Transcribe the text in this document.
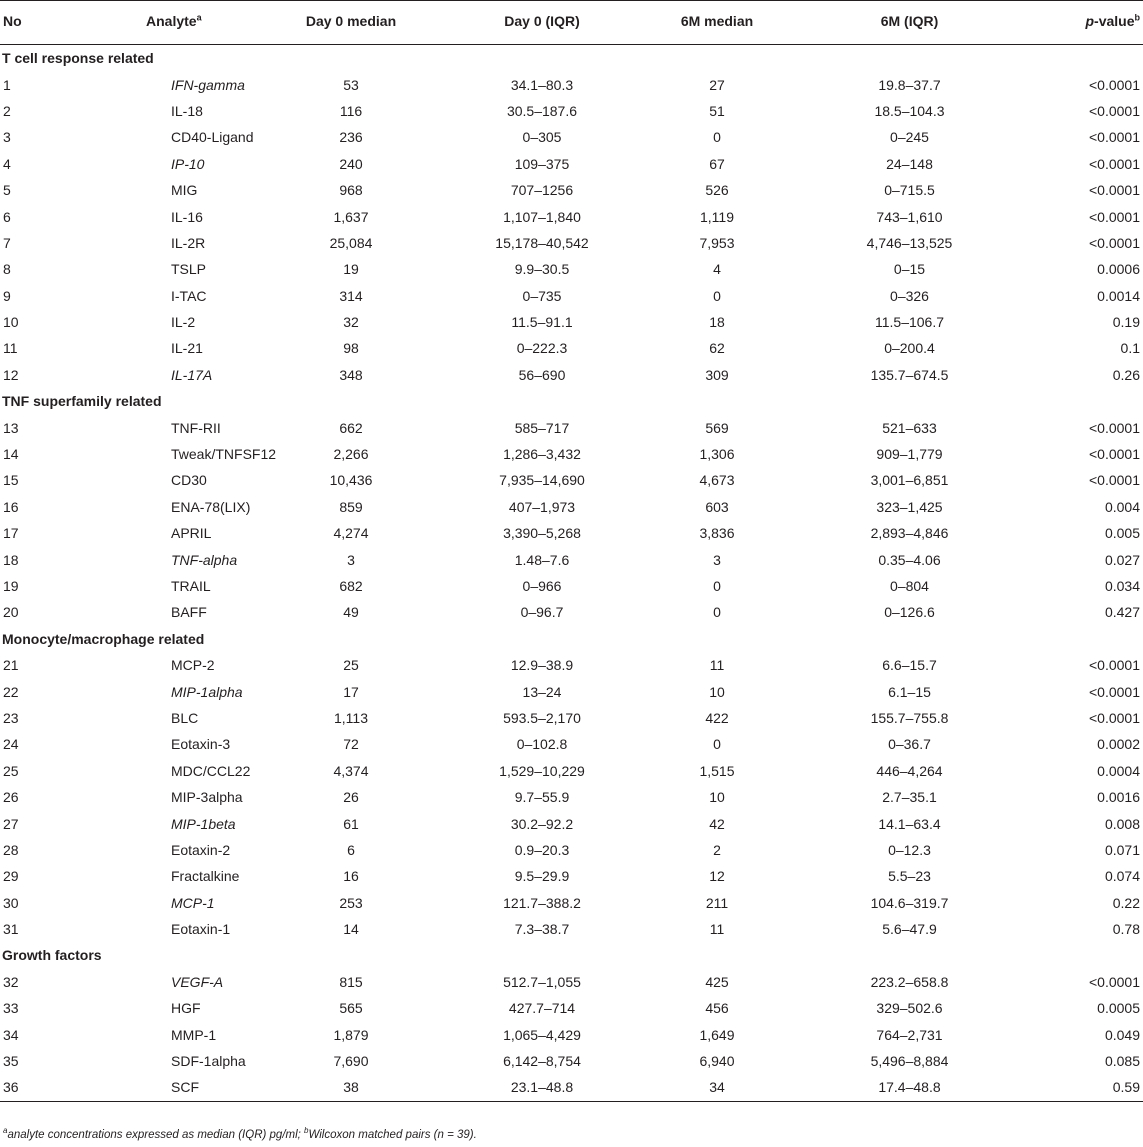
No	Analyte$^a$	Day 0 median	Day 0 (IQR)	6M median	6M (IQR)	p-value$^b$
T cell response related						
1	IFN-gamma	53	34.1–80.3	27	19.8–37.7	<0.0001
2	IL-18	116	30.5–187.6	51	18.5–104.3	<0.0001
3	CD40-Ligand	236	0–305	0	0–245	<0.0001
4	IP-10	240	109–375	67	24–148	<0.0001
5	MIG	968	707–1256	526	0–715.5	<0.0001
6	IL-16	1,637	1,107–1,840	1,119	743–1,610	<0.0001
7	IL-2R	25,084	15,178–40,542	7,953	4,746–13,525	<0.0001
8	TSLP	19	9.9–30.5	4	0–15	0.0006
9	I-TAC	314	0–735	0	0–326	0.0014
10	IL-2	32	11.5–91.1	18	11.5–106.7	0.19
11	IL-21	98	0–222.3	62	0–200.4	0.1
12	IL-17A	348	56–690	309	135.7–674.5	0.26
TNF superfamily related						
13	TNF-RII	662	585–717	569	521–633	<0.0001
14	Tweak/TNFSF12	2,266	1,286–3,432	1,306	909–1,779	<0.0001
15	CD30	10,436	7,935–14,690	4,673	3,001–6,851	<0.0001
16	ENA-78(LIX)	859	407–1,973	603	323–1,425	0.004
17	APRIL	4,274	3,390–5,268	3,836	2,893–4,846	0.005
18	TNF-alpha	3	1.48–7.6	3	0.35–4.06	0.027
19	TRAIL	682	0–966	0	0–804	0.034
20	BAFF	49	0–96.7	0	0–126.6	0.427
Monocyte/macrophage related						
21	MCP-2	25	12.9–38.9	11	6.6–15.7	<0.0001
22	MIP-1alpha	17	13–24	10	6.1–15	<0.0001
23	BLC	1,113	593.5–2,170	422	155.7–755.8	<0.0001
24	Eotaxin-3	72	0–102.8	0	0–36.7	0.0002
25	MDC/CCL22	4,374	1,529–10,229	1,515	446–4,264	0.0004
26	MIP-3alpha	26	9.7–55.9	10	2.7–35.1	0.0016
27	MIP-1beta	61	30.2–92.2	42	14.1–63.4	0.008
28	Eotaxin-2	6	0.9–20.3	2	0–12.3	0.071
29	Fractalkine	16	9.5–29.9	12	5.5–23	0.074
30	MCP-1	253	121.7–388.2	211	104.6–319.7	0.22
31	Eotaxin-1	14	7.3–38.7	11	5.6–47.9	0.78
Growth factors						
32	VEGF-A	815	512.7–1,055	425	223.2–658.8	<0.0001
33	HGF	565	427.7–714	456	329–502.6	0.0005
34	MMP-1	1,879	1,065–4,429	1,649	764–2,731	0.049
35	SDF-1alpha	7,690	6,142–8,754	6,940	5,496–8,884	0.085
36	SCF	38	23.1–48.8	34	17.4–48.8	0.59
$^a$analyte concentrations expressed as median (IQR) pg/ml; $^b$Wilcoxon matched pairs (n = 39).
